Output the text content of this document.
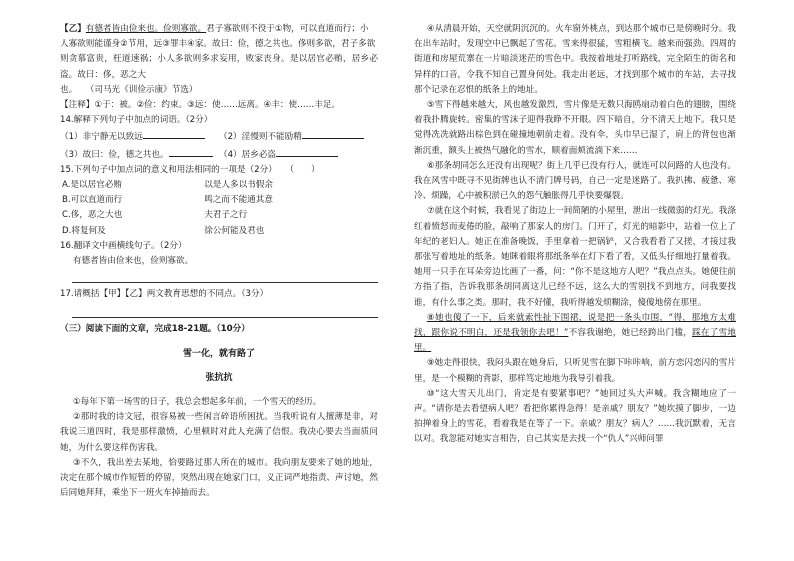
【乙】有德者皆由俭来也。俭则寡欲。君子寡欲则不役于①物，可以直道而行；小

人寡欲则能谨身②节用，远③罪丰④家。故曰：俭，德之共也。侈则多欲，君子多欲

则贪慕富贵，枉道速祸；小人多欲则多求妄用，败家丧身。是以居官必贿，居乡必盗。故曰：侈，恶之大

也。　　（司马光《训俭示康》节选）

【注释】①于：被。②俭：约束。③远：使……远离。④丰：使……丰足。

14.解释下列句子中加点的词语。（2分）

（1）非宁静无以致远	（2）淫慢则不能励精
（3）故曰：俭，德之共也。	（4）居乡必盗

15.下列句子中加点词的意义和用法相同的一项是（2分）　　（　　）

A.是以居官必贿	以是人多以书假余
B.可以直道而行	鸣之而不能通其意
C.侈，恶之大也	夫君子之行
D.将复何及	徐公何能及君也

16.翻译文中画横线句子。（2分）

有德者皆由俭来也，俭则寡欲。

17.请概括【甲】【乙】两文教育思想的不同点。（3分）

（三）阅读下面的文章，完成18-21题。（10分）

雪一化，就有路了

张抗抗

①每年下第一场雪的日子，我总会想起多年前，一个雪天的经历。

②那时我的诗文冠，很容易被一些闲言碎语所困扰。当我听说有人擅薄是非，对我说三道四时，我是那样激愤，心里顿时对此人充满了信恨。我决心要去当面质问她，为什么要这样伤害我。

③不久，我出差去某地，恰要路过那人所在的城市。我向朋友要来了她的地址，决定在那个城市作短暂的停留，突然出现在她家门口，义正词严地指责、声讨她，然后同她拜拜，乘坐下一班火车掉抽而去。

④从清晨开始，天空就阴沉沉的。火车窗外桃点，到达那个城市已是傍晚时分。我在出车站时，发现空中已飘起了雪花。雪来得很猛，雪粗横飞。越来而强劲。四周的街道和房屋荒寨在一片暗淡迷茫的雪色中。我按着地址打听路线，完全陌生的街名和异样的口音，令我不知自己置身何处。我走出老远，才找到那个城市的车站，去寻找那个记录在忍恨的纸条上的地址。

⑤雪下得越来越大，风也越发激烈，雪片像是无数只海鸥扇动着白色的翅膀，围绕着我扑腾旋转。密集的雪沫子迎得我睁不开眼。四下暗自，分不清天上地下。我只是觉得冼冼就路出棕色到在碰撞地朝前走着。没有伞，头巾早已湿了，肩上的背包也渐渐沉重，额头上被热气融化的雪水，顺着面颊流淌下来……

⑥那条胡同怎么还没有出现呢？街上几乎已没有行人，就连可以问路的人也没有。我在风雪中既寻不见街牌也认不清门牌号码，自己一定是迷路了。我扒拂、疲惫、寒冷、烦躁，心中被积淤已久的怨气触胀得几乎快要爆裂。

⑦就在这个时候，我看见了街边上一间简陋的小屋里，泄出一线微弱的灯光。我涤红着愤怒而麦倦的脸，敲响了那家人的房门。门开了，灯光的暗影中，站着一位上了年纪的老妇人。她正在准备晚饭，手里拿着一把锅铲，又合我看看了又搓，才接过我那张写着地址的纸条。她眯着眼将那纸条举在灯下看了看，又低头仔细地打量着我。她用一只手在耳朵旁边比画了一番，问：“你不是这地方人吧？”我点点头。她便往前方指了指，告诉我那条胡同离这儿已经不远，这么大的雪别找不到地方，问我要找谁，有什么事之类。那时，我不好懂，我听得越发烦糊涂，傻傻地傍在那里。

⑧她也傻了一下，后来就索性扯下围裙，说是把一条头巾围，“得，那地方太难找，跟你说不明白，还是我领你去吧！”不容我谢绝，她已经跨出门槛，踩在了雪地里。

⑨她走得很快，我闷头跟在她身后，只听见雪在脚下咔咔响，前方恋闪恋闪的雪片里，是一个模糊的背影，那样笃定地地为我导引着我。

⑩“这大雪天儿出门，肯定是有要紧事吧？”她回过头大声喊。我含糊地应了一声。“请你是去看望病人吧？看把你累得急得！是亲戚？朋友？”她坎摸了脚步，一边拍掸着身上的雪花，看着我是在等了一下。亲戚？朋友？病人？……我沉默着，无言以对。我忽能对她实言相告，自己其实是去找一个“仇人”兴师问罪
